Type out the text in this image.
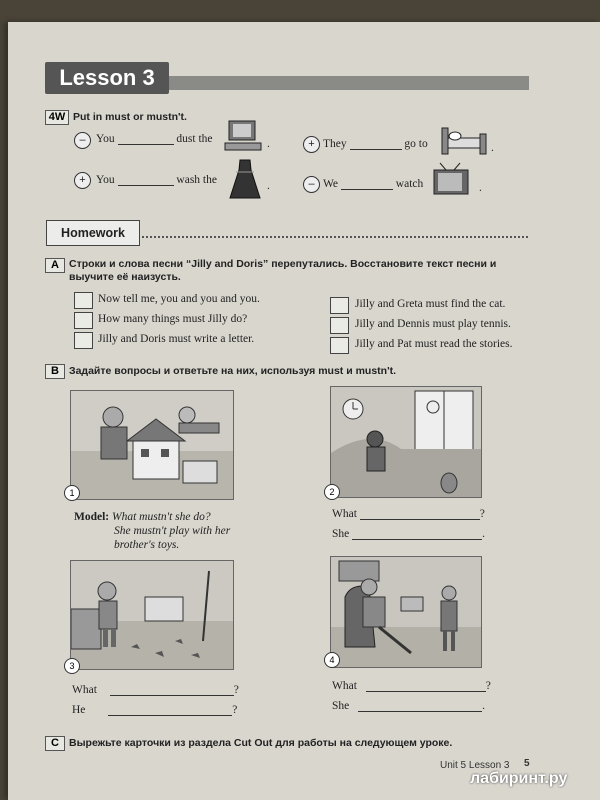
Lesson 3
4W Put in must or mustn't.
– You	dust the	.	+ They	go to	.
+ You	wash the	.	– We	watch	.
Homework
A Строки и слова песни “Jilly and Doris” перепутались. Восстановите текст песни и выучите её наизусть.
Now tell me, you and you and you.
How many things must Jilly do?
Jilly and Doris must write a letter.
Jilly and Greta must find the cat.
Jilly and Dennis must play tennis.
Jilly and Pat must read the stories.
B Задайте вопросы и ответьте на них, используя must и mustn't.
1
Model: What mustn't she do?
She mustn't play with her
brother's toys.
2
What	?
She	.
3
What	?
He	?
4
What	?
She	.
C Вырежьте карточки из раздела Cut Out для работы на следующем уроке.
Unit 5 Lesson 3 5
лабиринт.ру
